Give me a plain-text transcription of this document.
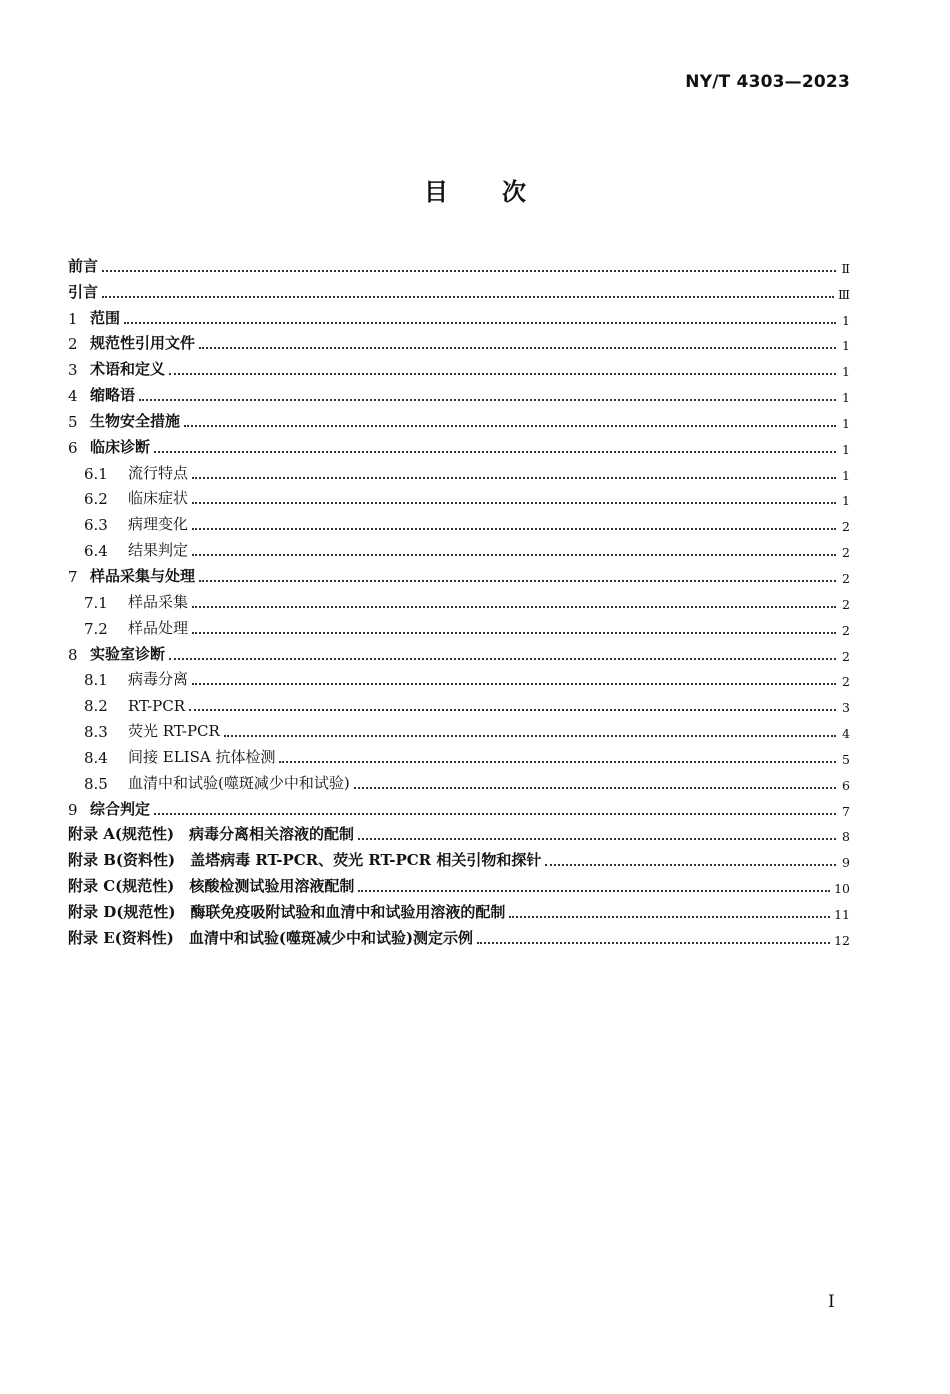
NY/T 4303—2023
目次
前言	Ⅱ
引言	Ⅲ
1 范围	1
2 规范性引用文件	1
3 术语和定义	1
4 缩略语	1
5 生物安全措施	1
6 临床诊断	1
6.1	流行特点	1
6.2	临床症状	1
6.3	病理变化	2
6.4	结果判定	2
7 样品采集与处理	2
7.1	样品采集	2
7.2	样品处理	2
8 实验室诊断	2
8.1	病毒分离	2
8.2	RT-PCR	3
8.3	荧光 RT-PCR	4
8.4	间接 ELISA 抗体检测	5
8.5	血清中和试验(噬斑减少中和试验)	6
9 综合判定	7
附录 A(规范性)　病毒分离相关溶液的配制	8
附录 B(资料性)　盖塔病毒 RT-PCR、荧光 RT-PCR 相关引物和探针	9
附录 C(规范性)　核酸检测试验用溶液配制	10
附录 D(规范性)　酶联免疫吸附试验和血清中和试验用溶液的配制	11
附录 E(资料性)　血清中和试验(噬斑减少中和试验)测定示例	12
I
